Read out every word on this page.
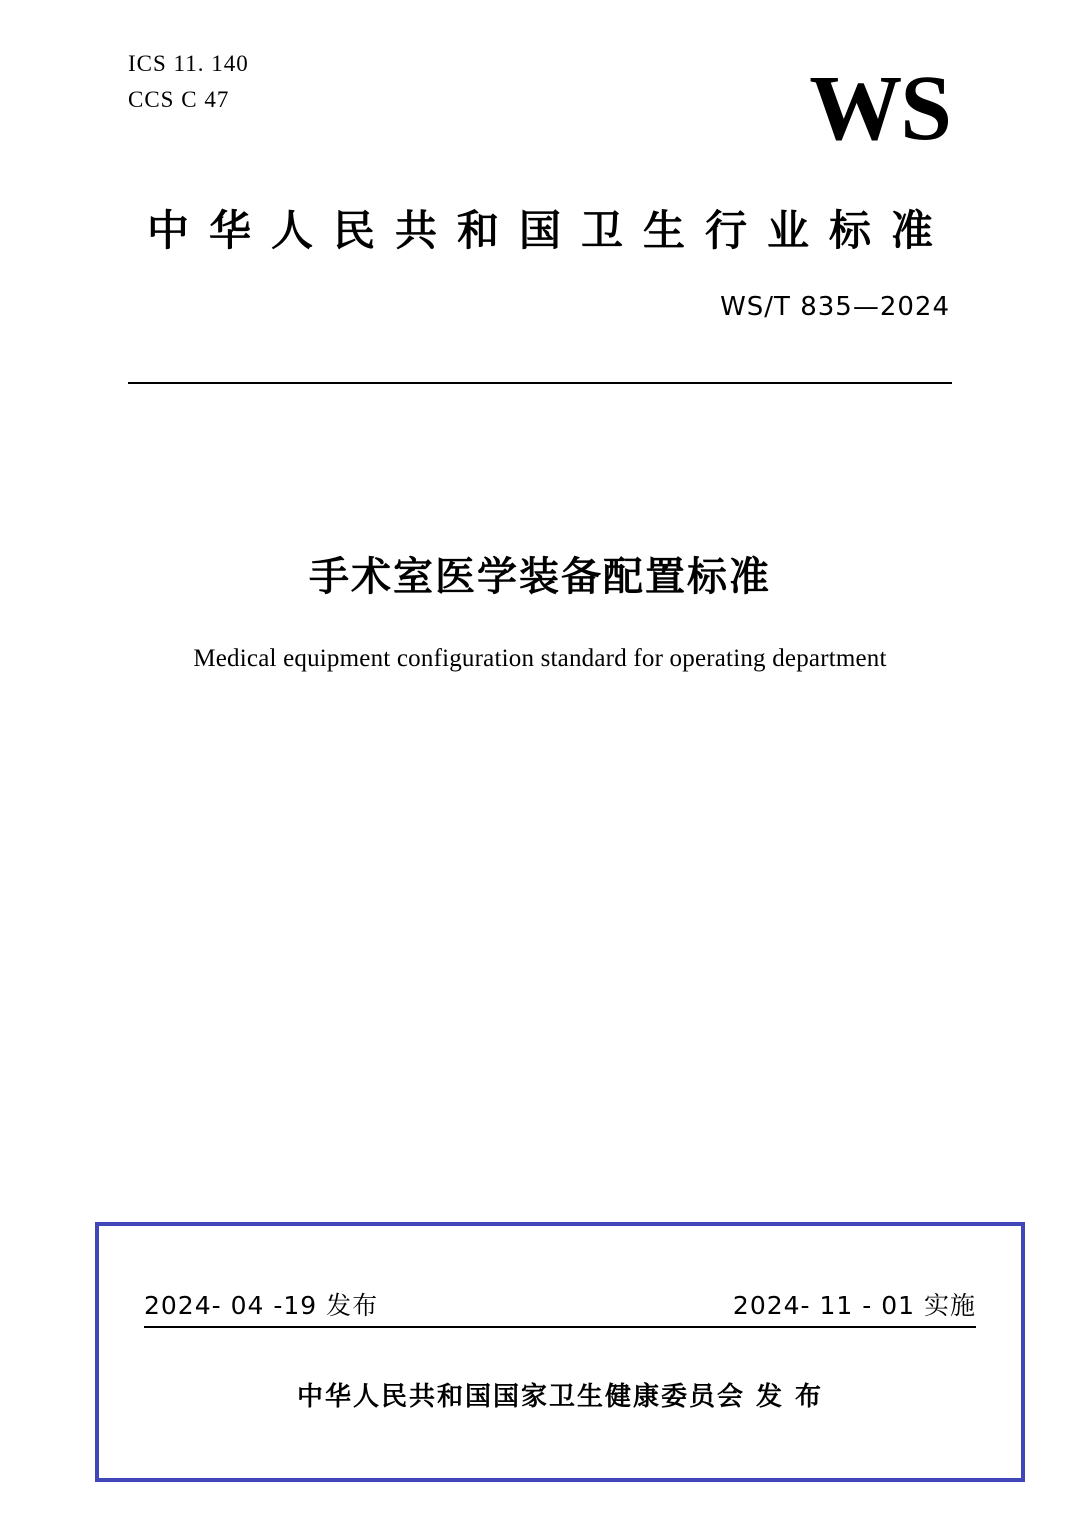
ICS 11. 140
CCS C 47	WS
中华人民共和国卫生行业标准
WS/T 835—2024
手术室医学装备配置标准
Medical equipment configuration standard for operating department
2024- 04 -19 发布	2024- 11 - 01 实施
中华人民共和国国家卫生健康委员会 发 布
